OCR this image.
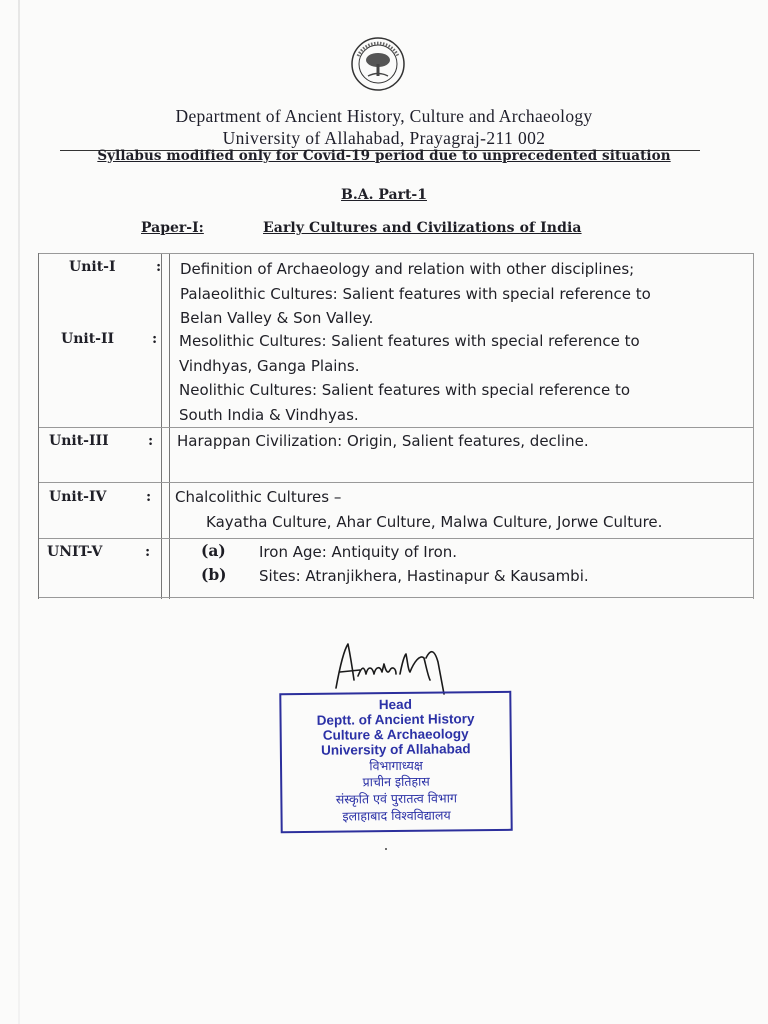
Department of Ancient History, Culture and Archaeology
University of Allahabad, Prayagraj-211 002
Syllabus modified only for Covid-19 period due to unprecedented situation
B.A. Part-1
Paper-I:	Early Cultures and Civilizations of India
Unit-I	: Definition of Archaeology and relation with other disciplines;
Palaeolithic Cultures: Salient features with special reference to
Belan Valley & Son Valley.
Unit-II	: Mesolithic Cultures: Salient features with special reference to
Vindhyas, Ganga Plains.
Neolithic Cultures: Salient features with special reference to
South India & Vindhyas.
Unit-III	: Harappan Civilization: Origin, Salient features, decline.
Unit-IV	: Chalcolithic Cultures –
Kayatha Culture, Ahar Culture, Malwa Culture, Jorwe Culture.
UNIT-V	:	(a) Iron Age: Antiquity of Iron.
(b) Sites: Atranjikhera, Hastinapur & Kausambi.
Head
Deptt. of Ancient History
Culture & Archaeology
University of Allahabad
विभागाध्यक्ष
प्राचीन इतिहास
संस्कृति एवं पुरातत्व विभाग
इलाहाबाद विश्वविद्यालय
